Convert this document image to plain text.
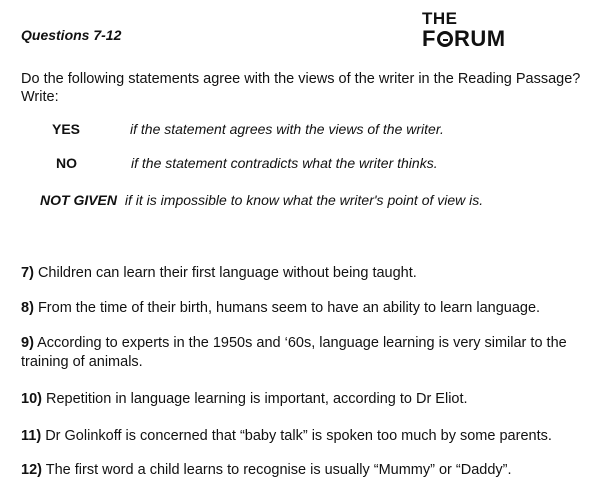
Questions 7-12
THE
F RUM
Do the following statements agree with the views of the writer in the Reading Passage? Write:
YES	if the statement agrees with the views of the writer.
NO	if the statement contradicts what the writer thinks.
NOT GIVEN if it is impossible to know what the writer's point of view is.
7) Children can learn their first language without being taught.
8) From the time of their birth, humans seem to have an ability to learn language.
9) According to experts in the 1950s and ‘60s, language learning is very similar to the training of animals.
10) Repetition in language learning is important, according to Dr Eliot.
11) Dr Golinkoff is concerned that “baby talk” is spoken too much by some parents.
12) The first word a child learns to recognise is usually “Mummy” or “Daddy”.
